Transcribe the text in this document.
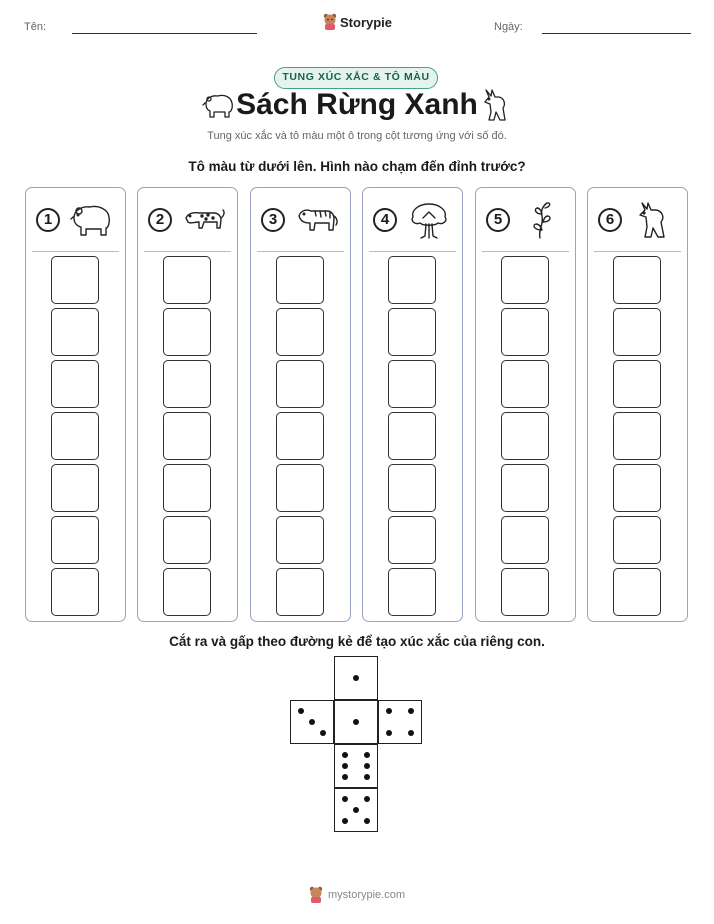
Tên:	Storypie	Ngày:
TUNG XÚC XẮC & TÔ MÀU
Sách Rừng Xanh
Tung xúc xắc và tô màu một ô trong cột tương ứng với số đó.
Tô màu từ dưới lên. Hình nào chạm đến đỉnh trước?
1	2	3	4	5	6
Cắt ra và gấp theo đường kẻ để tạo xúc xắc của riêng con.
mystorypie.com
